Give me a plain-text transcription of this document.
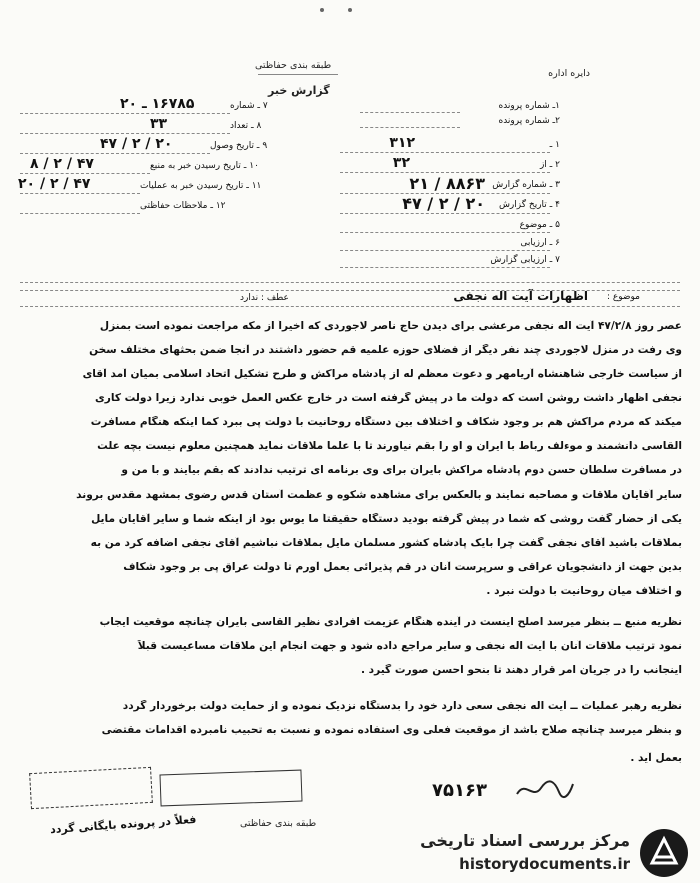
دایره اداره
طبقه بندی حفاظتی
گزارش خبر
۱ـ شماره پرونده
۲ـ شماره پرونده
۱ ـ
۳۱۲
۲ ـ از
۳۲
۳ ـ شماره گزارش
۸۸۶۳ / ۲۱
۴ ـ تاریخ گزارش
۲۰ / ۲ / ۴۷
۵ ـ موضوع
۶ ـ ارزیابی
۷ ـ ارزیابی گزارش
۷ ـ شماره
۱۶۷۸۵ ـ ۲۰
۸ ـ تعداد
۳۳
۹ ـ تاریخ وصول
۲۰ / ۲ / ۴۷
۱۰ ـ تاریخ رسیدن خبر به منبع
۴۷ / ۲ / ۸
۱۱ ـ تاریخ رسیدن خبر به عملیات
۴۷ / ۲ / ۲۰
۱۲ ـ ملاحظات حفاظتی
موضوع :
اظهارات آیت اله نجفی
عطف : ندارد
عصر روز ۴۷/۲/۸ آیت اله نجفی مرعشی برای دیدن حاج ناصر لاجوردی که اخیراً از مکه مراجعت نموده است بمنزل
وی رفت در منزل لاجوردی چند نفر دیگر از فضلای حوزه علمیه قم حضور داشتند در آنجا ضمن بحثهای مختلف سخن
از سیاست خارجی شاهنشاه آریامهر و دعوت معظم له از پادشاه مراکش و طرح تشکیل اتحاد اسلامی بمیان آمد آقای
نجفی اظهار داشت روشن است که دولت ما در پیش گرفته است در خارج عکس العمل خوبی ندارد زیرا دولت کاری
میکند که مردم مراکش هم بر وجود شکاف و اختلاف بین دستگاه روحانیت با دولت پی ببرد کما اینکه هنگام مسافرت
القاسی دانشمند و موءلف رباط با ایران و او را بقم نیاورند تا با علما ملاقات نماید همچنین معلوم نیست بچه علت
در مسافرت سلطان حسن دوم پادشاه مراکش بایران برای وی برنامه ای ترتیب ندادند که بقم بیایند و با من و
سایر آقایان ملاقات و مصاحبه نمایند و بالعکس برای مشاهده شکوه و عظمت آستان قدس رضوی بمشهد مقدس بروند
یکی از حضار گفت روشی که شما در پیش گرفته بودید دستگاه حقیقتاً ما یوس بود از اینکه شما و سایر آقایان مایل
بملاقات باشید آقای نجفی گفت چرا بایک پادشاه کشور مسلمان مایل بملاقات نباشیم آقای نجفی اضافه کرد من به
بدین جهت از دانشجویان عراقی و سرپرست آنان در قم پذیرائی بعمل آورم تا دولت عراق پی بر وجود شکاف
و اختلاف میان روحانیت با دولت نبرد .
نظریه منبع ــ بنظر میرسد اصلح اینست در آینده هنگام عزیمت افرادی نظیر القاسی بایران چنانچه موقعیت ایجاب
نمود ترتیب ملاقات آنان با آیت اله نجفی و سایر مراجع داده شود و جهت انجام این ملاقات مساعیست قبلاً
اینجانب را در جریان امر قرار دهند تا بنحو احسن صورت گیرد .
نظریه رهبر عملیات ــ آیت اله نجفی سعی دارد خود را بدستگاه نزدیک نموده و از حمایت دولت برخوردار گردد
و بنظر میرسد چنانچه صلاح باشد از موقعیت فعلی وی استفاده نموده و نسبت به تحبیب نامبرده اقدامات مقتضی
بعمل آید .
۷۵۱۶۳
فعلاً در پرونده بایگانی گردد	طبقه بندی حفاظتی
مرکز بررسی اسناد تاریخی
historydocuments.ir
